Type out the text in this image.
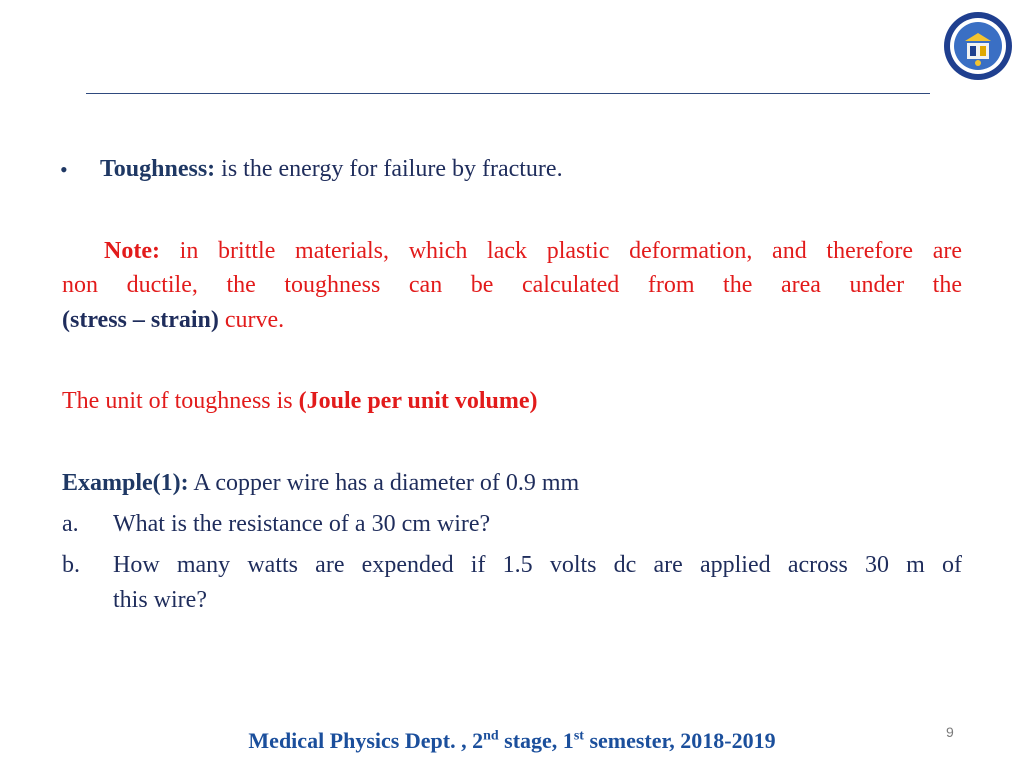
• Toughness: is the energy for failure by fracture.
Note: in brittle materials, which lack plastic deformation, and therefore are
non ductile, the toughness can be calculated from the area under the
(stress – strain) curve.
The unit of toughness is (Joule per unit volume)
Example(1): A copper wire has a diameter of 0.9 mm
a. What is the resistance of a 30 cm wire?
b. How many watts are expended if 1.5 volts dc are applied across 30 m of
this wire?
Medical Physics Dept. , 2nd stage, 1st semester, 2018-2019	9
